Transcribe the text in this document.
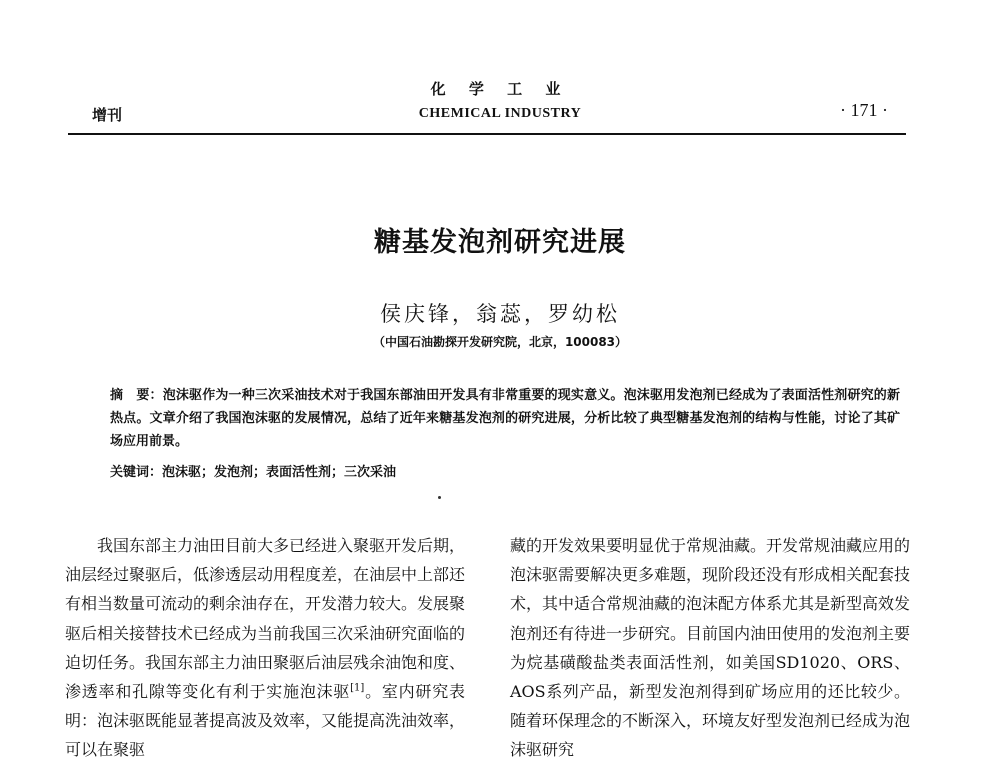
化 学 工 业
增刊	CHEMICAL INDUSTRY	· 171 ·
糖基发泡剂研究进展
侯庆锋，翁蕊，罗幼松
（中国石油勘探开发研究院，北京，100083）
摘　要：泡沫驱作为一种三次采油技术对于我国东部油田开发具有非常重要的现实意义。泡沫驱用发泡剂已经成为了表面活性剂研究的新热点。文章介绍了我国泡沫驱的发展情况，总结了近年来糖基发泡剂的研究进展，分析比较了典型糖基发泡剂的结构与性能，讨论了其矿场应用前景。
关键词：泡沫驱；发泡剂；表面活性剂；三次采油

我国东部主力油田目前大多已经进入聚驱开发后期，油层经过聚驱后，低渗透层动用程度差，在油层中上部还有相当数量可流动的剩余油存在，开发潜力较大。发展聚驱后相关接替技术已经成为当前我国三次采油研究面临的迫切任务。我国东部主力油田聚驱后油层残余油饱和度、渗透率和孔隙等变化有利于实施泡沫驱[1]。室内研究表明：泡沫驱既能显著提高波及效率，又能提高洗油效率，可以在聚驱

藏的开发效果要明显优于常规油藏。开发常规油藏应用的泡沫驱需要解决更多难题，现阶段还没有形成相关配套技术，其中适合常规油藏的泡沫配方体系尤其是新型高效发泡剂还有待进一步研究。目前国内油田使用的发泡剂主要为烷基磺酸盐类表面活性剂，如美国SD1020、ORS、AOS系列产品，新型发泡剂得到矿场应用的还比较少。随着环保理念的不断深入，环境友好型发泡剂已经成为泡沫驱研究
